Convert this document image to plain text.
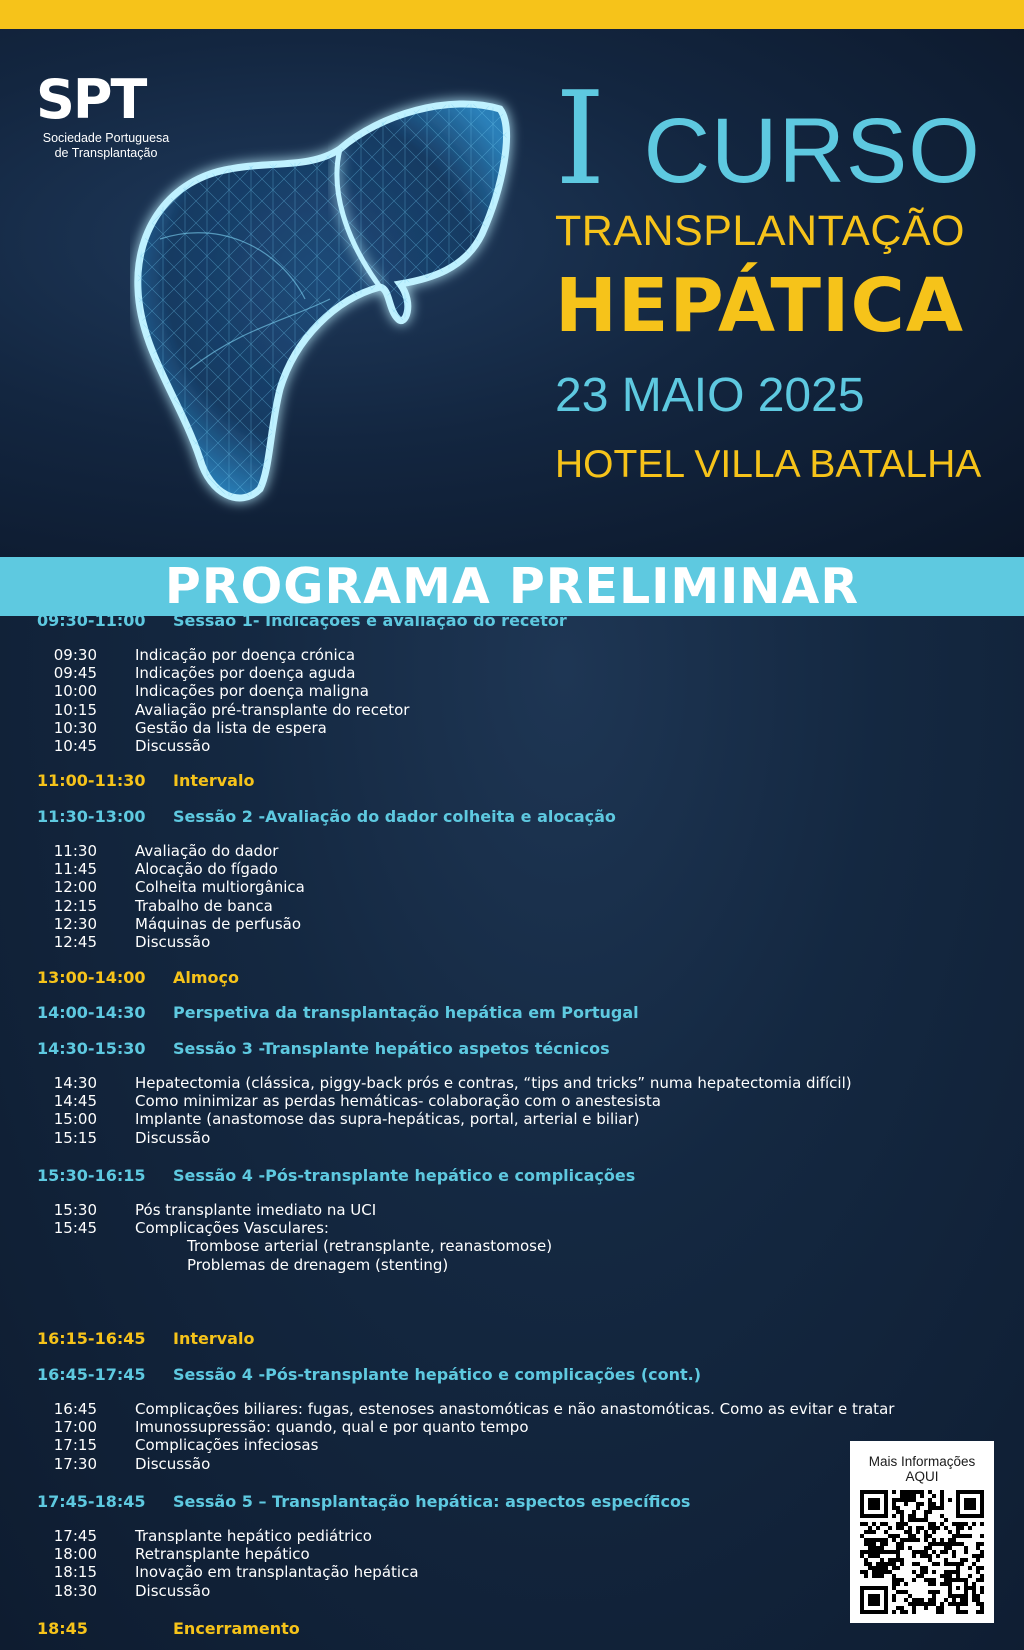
SPT
Sociedade Portuguesa
de Transplantação	I CURSO
TRANSPLANTAÇÃO
HEPÁTICA
23 MAIO 2025
HOTEL VILLA BATALHA
PROGRAMA PRELIMINAR
09:30-11:00 Sessão 1- Indicações e avaliação do recetor
09:30	Indicação por doença crónica
09:45	Indicações por doença aguda
10:00	Indicações por doença maligna
10:15	Avaliação pré-transplante do recetor
10:30	Gestão da lista de espera
10:45	Discussão
11:00-11:30 Intervalo
11:30-13:00 Sessão 2 -Avaliação do dador colheita e alocação
11:30	Avaliação do dador
11:45	Alocação do fígado
12:00	Colheita multiorgânica
12:15	Trabalho de banca
12:30	Máquinas de perfusão
12:45	Discussão
13:00-14:00 Almoço
14:00-14:30 Perspetiva da transplantação hepática em Portugal
14:30-15:30 Sessão 3 -Transplante hepático aspetos técnicos
14:30	Hepatectomia (clássica, piggy-back prós e contras, “tips and tricks” numa hepatectomia difícil)
14:45	Como minimizar as perdas hemáticas- colaboração com o anestesista
15:00	Implante (anastomose das supra-hepáticas, portal, arterial e biliar)
15:15	Discussão
15:30-16:15 Sessão 4 -Pós-transplante hepático e complicações
15:30	Pós transplante imediato na UCI
15:45	Complicações Vasculares:
Trombose arterial (retransplante, reanastomose)
Problemas de drenagem (stenting)
16:15-16:45 Intervalo
16:45-17:45 Sessão 4 -Pós-transplante hepático e complicações (cont.)
16:45	Complicações biliares: fugas, estenoses anastomóticas e não anastomóticas. Como as evitar e tratar
17:00	Imunossupressão: quando, qual e por quanto tempo
17:15	Complicações infeciosas
17:30	Discussão
17:45-18:45 Sessão 5 – Transplantação hepática: aspectos específicos
17:45	Transplante hepático pediátrico
18:00	Retransplante hepático
18:15	Inovação em transplantação hepática
18:30	Discussão
18:45	Encerramento
Mais Informações
AQUI
